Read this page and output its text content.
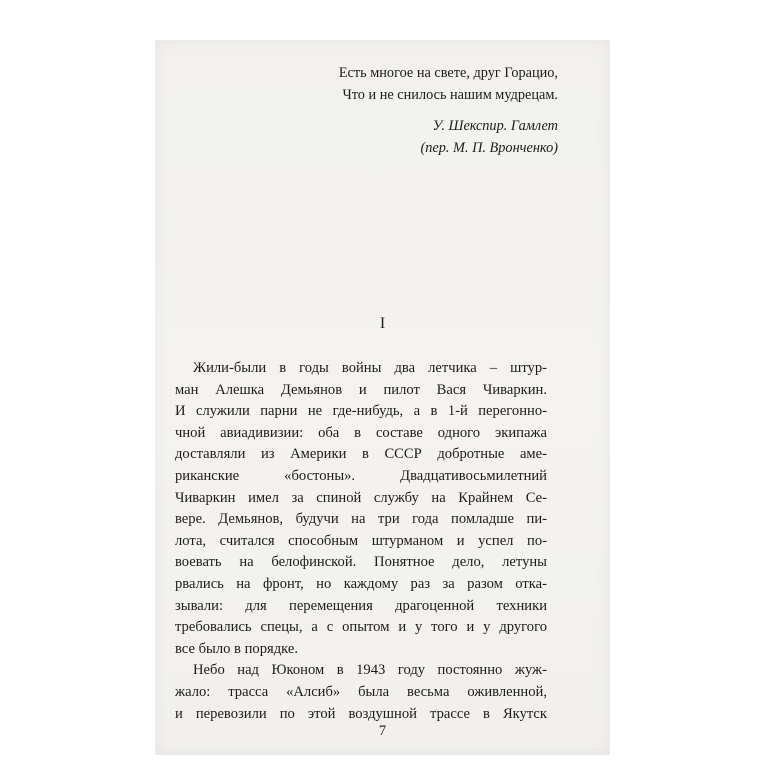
Есть многое на свете, друг Горацио,
Что и не снилось нашим мудрецам.
У. Шекспир. Гамлет
(пер. М. П. Вронченко)
I
Жили-были в годы войны два летчика – штур-
ман Алешка Демьянов и пилот Вася Чиваркин.
И служили парни не где-нибудь, а в 1-й перегонно-
чной авиадивизии: оба в составе одного экипажа
доставляли из Америки в СССР добротные аме-
риканские «бостоны». Двадцативосьмилетний
Чиваркин имел за спиной службу на Крайнем Се-
вере. Демьянов, будучи на три года помладше пи-
лота, считался способным штурманом и успел по-
воевать на белофинской. Понятное дело, летуны
рвались на фронт, но каждому раз за разом отка-
зывали: для перемещения драгоценной техники
требовались спецы, а с опытом и у того и у другого
все было в порядке.
Небо над Юконом в 1943 году постоянно жуж-
жало: трасса «Алсиб» была весьма оживленной,
и перевозили по этой воздушной трассе в Якутск
7
